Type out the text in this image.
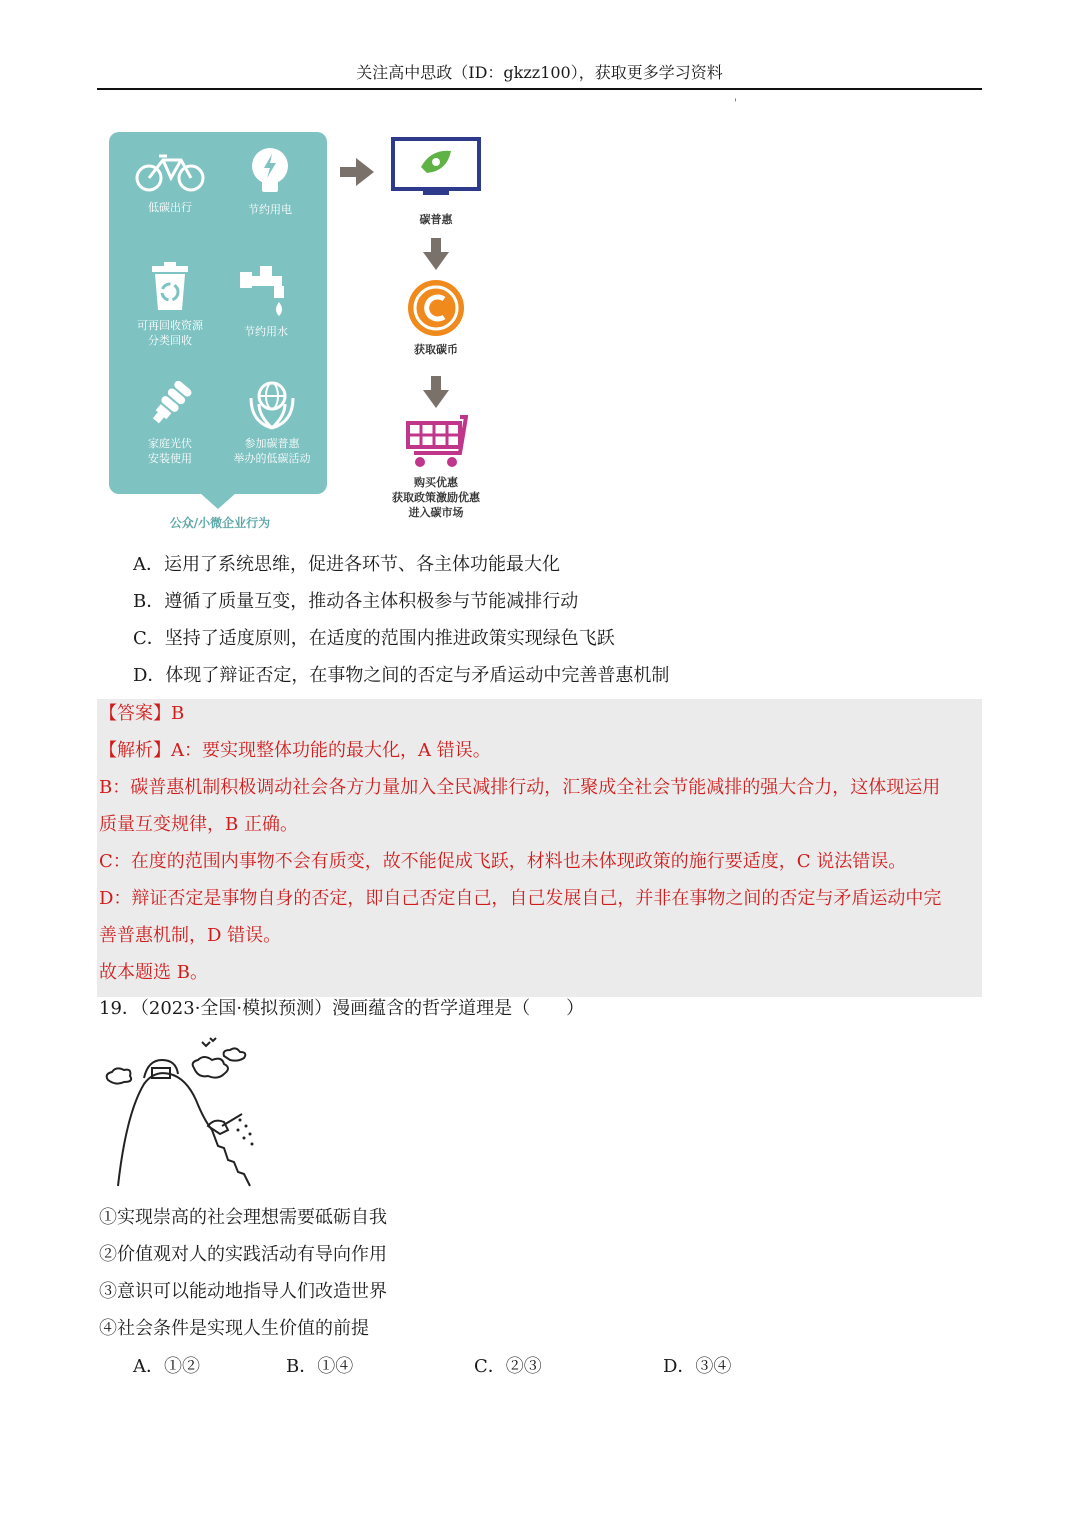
关注高中思政（ID：gkzz100），获取更多学习资料
'
低碳出行	节约用电
可再回收资源
分类回收
节约用水
家庭光伏
安装使用
参加碳普惠
举办的低碳活动
公众/小微企业行为
碳普惠
获取碳币
购买优惠
获取政策激励优惠
进入碳市场
A．运用了系统思维，促进各环节、各主体功能最大化
B．遵循了质量互变，推动各主体积极参与节能减排行动
C．坚持了适度原则，在适度的范围内推进政策实现绿色飞跃
D．体现了辩证否定，在事物之间的否定与矛盾运动中完善普惠机制
【答案】B
【解析】A：要实现整体功能的最大化，A 错误。
B：碳普惠机制积极调动社会各方力量加入全民减排行动，汇聚成全社会节能减排的强大合力，这体现运用
质量互变规律，B 正确。
C：在度的范围内事物不会有质变，故不能促成飞跃，材料也未体现政策的施行要适度，C 说法错误。
D：辩证否定是事物自身的否定，即自己否定自己，自己发展自己，并非在事物之间的否定与矛盾运动中完
善普惠机制，D 错误。
故本题选 B。
19．（2023·全国·模拟预测）漫画蕴含的哲学道理是（　　）
①实现崇高的社会理想需要砥砺自我
②价值观对人的实践活动有导向作用
③意识可以能动地指导人们改造世界
④社会条件是实现人生价值的前提
A．①②	B．①④	C．②③	D．③④
